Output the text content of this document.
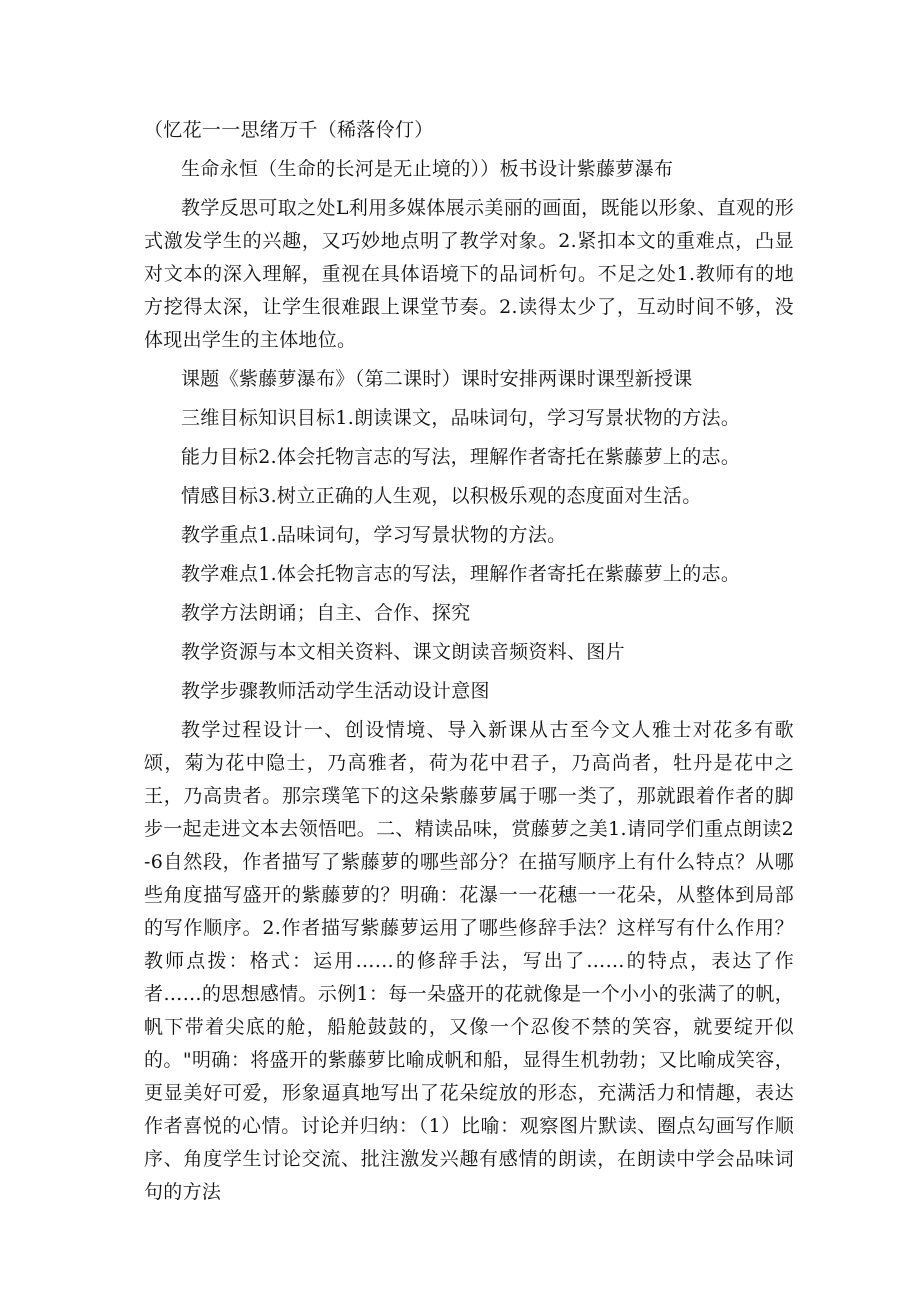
（忆花一一思绪万千（稀落伶仃）

生命永恒（生命的长河是无止境的））板书设计紫藤萝瀑布

教学反思可取之处L利用多媒体展示美丽的画面，既能以形象、直观的形式激发学生的兴趣，又巧妙地点明了教学对象。2.紧扣本文的重难点，凸显对文本的深入理解，重视在具体语境下的品词析句。不足之处1.教师有的地方挖得太深，让学生很难跟上课堂节奏。2.读得太少了，互动时间不够，没体现出学生的主体地位。

课题《紫藤萝瀑布》（第二课时）课时安排两课时课型新授课

三维目标知识目标1.朗读课文，品味词句，学习写景状物的方法。

能力目标2.体会托物言志的写法，理解作者寄托在紫藤萝上的志。

情感目标3.树立正确的人生观，以积极乐观的态度面对生活。

教学重点1.品味词句，学习写景状物的方法。

教学难点1.体会托物言志的写法，理解作者寄托在紫藤萝上的志。

教学方法朗诵；自主、合作、探究

教学资源与本文相关资料、课文朗读音频资料、图片

教学步骤教师活动学生活动设计意图

教学过程设计一、创设情境、导入新课从古至今文人雅士对花多有歌颂，菊为花中隐士，乃高雅者，荷为花中君子，乃高尚者，牡丹是花中之王，乃高贵者。那宗璞笔下的这朵紫藤萝属于哪一类了，那就跟着作者的脚步一起走进文本去领悟吧。二、精读品味，赏藤萝之美1.请同学们重点朗读2-6自然段，作者描写了紫藤萝的哪些部分？在描写顺序上有什么特点？从哪些角度描写盛开的紫藤萝的？明确：花瀑一一花穗一一花朵，从整体到局部的写作顺序。2.作者描写紫藤萝运用了哪些修辞手法？这样写有什么作用？教师点拨：格式：运用……的修辞手法，写出了……的特点，表达了作者……的思想感情。示例1：每一朵盛开的花就像是一个小小的张满了的帆，帆下带着尖底的舱，船舱鼓鼓的，又像一个忍俊不禁的笑容，就要绽开似的。"明确：将盛开的紫藤萝比喻成帆和船，显得生机勃勃；又比喻成笑容，更显美好可爱，形象逼真地写出了花朵绽放的形态，充满活力和情趣，表达作者喜悦的心情。讨论并归纳：（1）比喻：观察图片默读、圈点勾画写作顺序、角度学生讨论交流、批注激发兴趣有感情的朗读，在朗读中学会品味词句的方法
